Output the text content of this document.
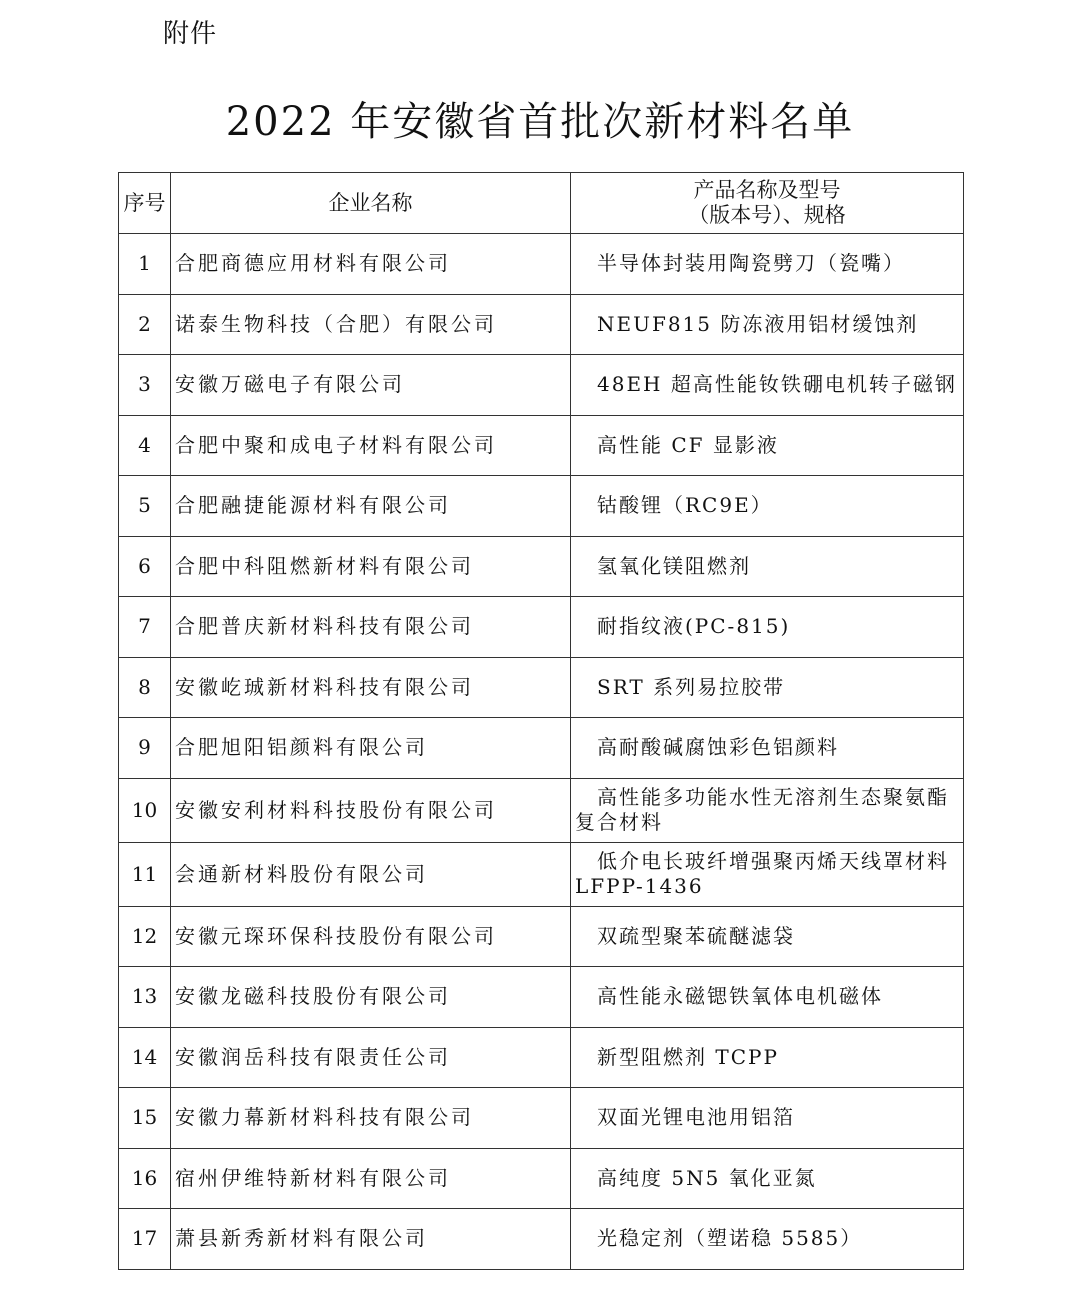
附件
2022 年安徽省首批次新材料名单
序号	企业名称	产品名称及型号
（版本号）、规格

1	合肥商德应用材料有限公司	半导体封装用陶瓷劈刀（瓷嘴）
2	诺泰生物科技（合肥）有限公司	NEUF815 防冻液用铝材缓蚀剂
3	安徽万磁电子有限公司	48EH 超高性能钕铁硼电机转子磁钢
4	合肥中聚和成电子材料有限公司	高性能 CF 显影液
5	合肥融捷能源材料有限公司	钴酸锂（RC9E）
6	合肥中科阻燃新材料有限公司	氢氧化镁阻燃剂
7	合肥普庆新材料科技有限公司	耐指纹液(PC-815)
8	安徽屹珹新材料科技有限公司	SRT 系列易拉胶带
9	合肥旭阳铝颜料有限公司	高耐酸碱腐蚀彩色铝颜料
10	安徽安利材料科技股份有限公司	高性能多功能水性无溶剂生态聚氨酯复合材料
11	会通新材料股份有限公司	低介电长玻纤增强聚丙烯天线罩材料 LFPP-1436
12	安徽元琛环保科技股份有限公司	双疏型聚苯硫醚滤袋
13	安徽龙磁科技股份有限公司	高性能永磁锶铁氧体电机磁体
14	安徽润岳科技有限责任公司	新型阻燃剂 TCPP
15	安徽力幕新材料科技有限公司	双面光锂电池用铝箔
16	宿州伊维特新材料有限公司	高纯度 5N5 氧化亚氮
17	萧县新秀新材料有限公司	光稳定剂（塑诺稳 5585）
